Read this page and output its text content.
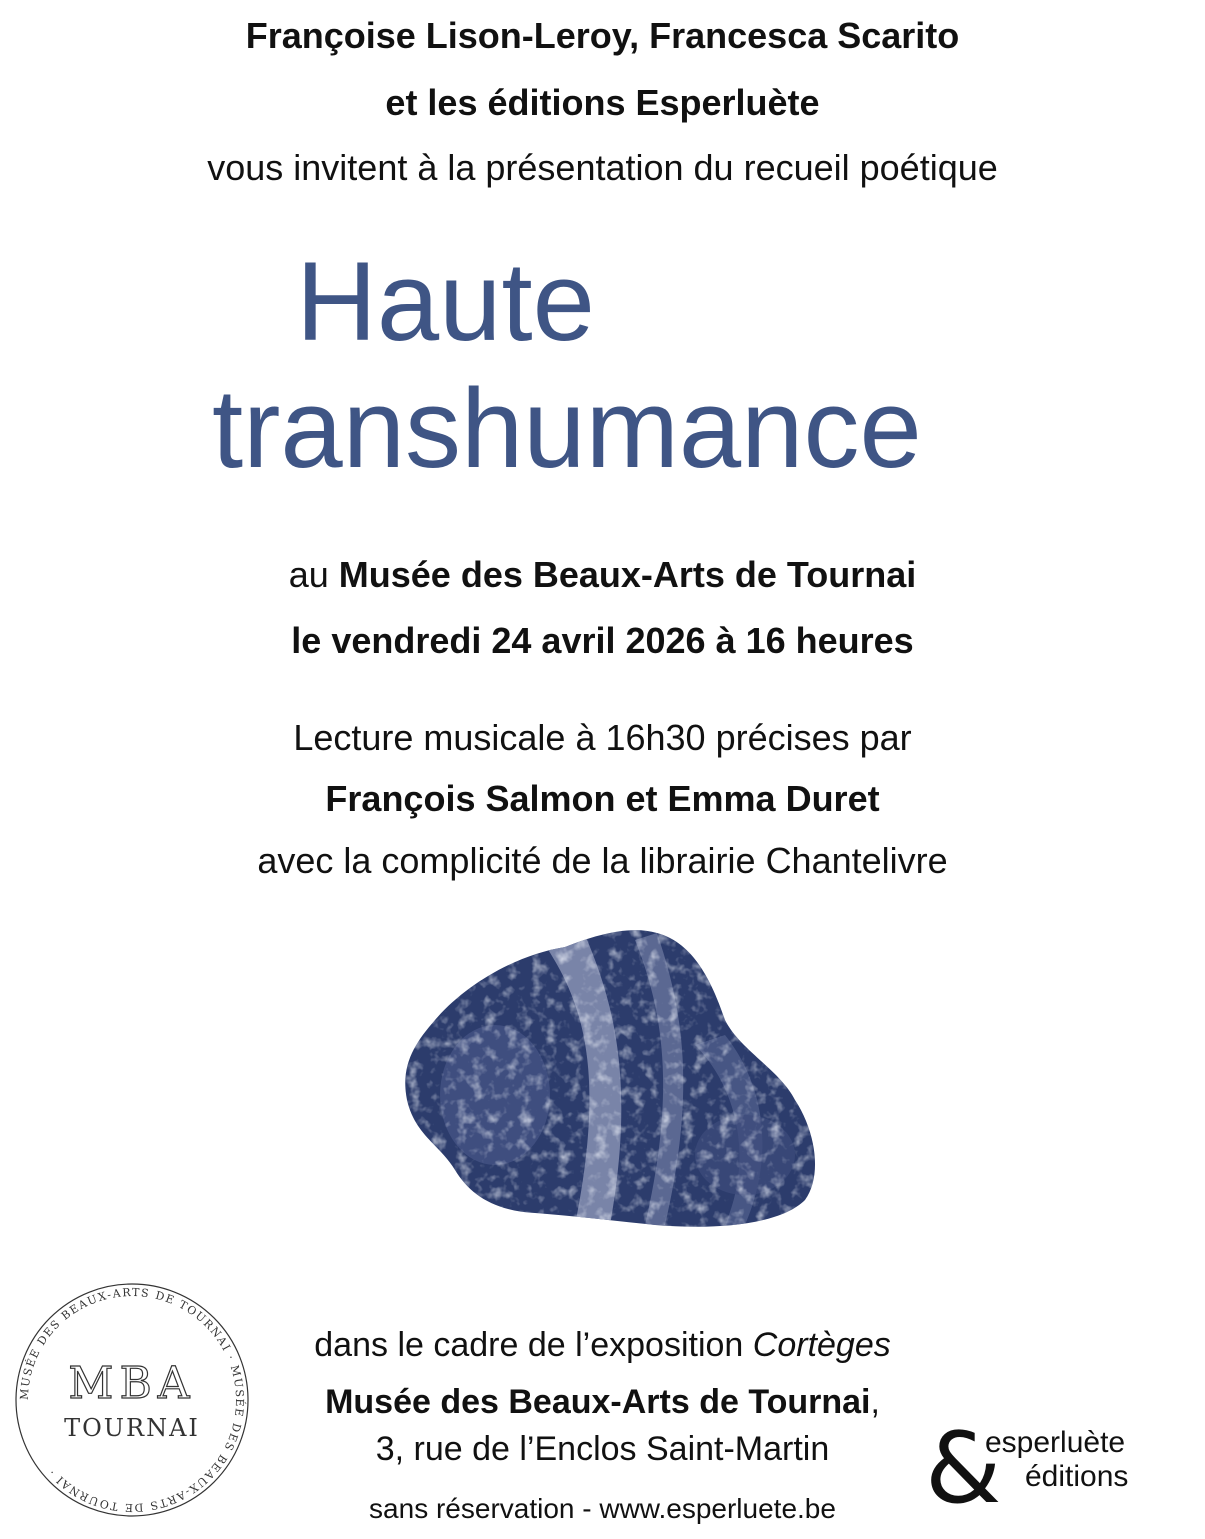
Françoise Lison-Leroy, Francesca Scarito
et les éditions Esperluète
vous invitent à la présentation du recueil poétique
Haute
transhumance
au Musée des Beaux-Arts de Tournai
le vendredi 24 avril 2026 à 16 heures
Lecture musicale à 16h30 précises par
François Salmon et Emma Duret
avec la complicité de la librairie Chantelivre
MUSÉE DES BEAUX-ARTS DE TOURNAI · MUSÉE DES BEAUX-ARTS DE TOURNAI ·
MBA
TOURNAI
dans le cadre de l’exposition Cortèges
Musée des Beaux-Arts de Tournai,
3, rue de l’Enclos Saint-Martin
sans réservation - www.esperluete.be &
esperluète
éditions
